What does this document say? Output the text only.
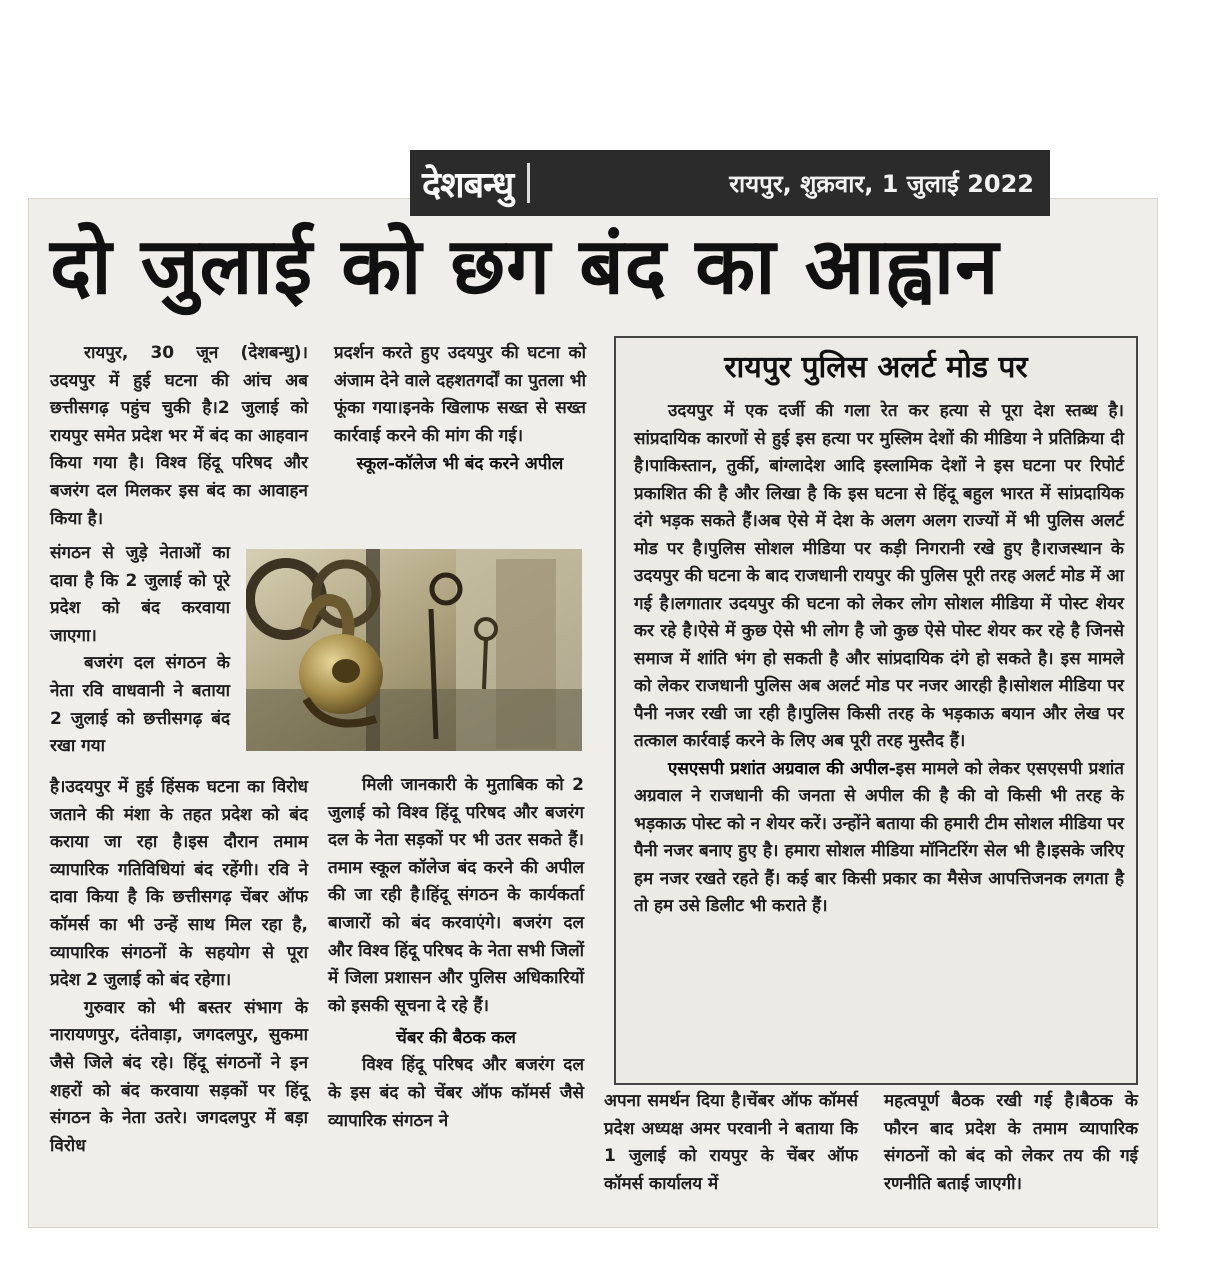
देशबन्धु	रायपुर, शुक्रवार, 1 जुलाई 2022
दो जुलाई को छग बंद का आह्वान

रायपुर, 30 जून (देशबन्धु)। उदयपुर में हुई घटना की आंच अब छत्तीसगढ़ पहुंच चुकी है।2 जुलाई को रायपुर समेत प्रदेश भर में बंद का आहवान किया गया है। विश्व हिंदू परिषद और बजरंग दल मिलकर इस बंद का आवाहन किया है।

संगठन से जुड़े नेताओं का दावा है कि 2 जुलाई को पूरे प्रदेश को बंद करवाया जाएगा।

बजरंग दल संगठन के नेता रवि वाधवानी ने बताया 2 जुलाई को छत्तीसगढ़ बंद रखा गया

है।उदयपुर में हुई हिंसक घटना का विरोध जताने की मंशा के तहत प्रदेश को बंद कराया जा रहा है।इस दौरान तमाम व्यापारिक गतिविधियां बंद रहेंगी। रवि ने दावा किया है कि छत्तीसगढ़ चेंबर ऑफ कॉमर्स का भी उन्हें साथ मिल रहा है, व्यापारिक संगठनों के सहयोग से पूरा प्रदेश 2 जुलाई को बंद रहेगा।

गुरुवार को भी बस्तर संभाग के नारायणपुर, दंतेवाड़ा, जगदलपुर, सुकमा जैसे जिले बंद रहे। हिंदू संगठनों ने इन शहरों को बंद करवाया सड़कों पर हिंदू संगठन के नेता उतरे। जगदलपुर में बड़ा विरोध

प्रदर्शन करते हुए उदयपुर की घटना को अंजाम देने वाले दहशतगर्दों का पुतला भी फूंका गया।इनके खिलाफ सख्त से सख्त कार्रवाई करने की मांग की गई।

स्कूल-कॉलेज भी बंद करने अपील

मिली जानकारी के मुताबिक को 2 जुलाई को विश्व हिंदू परिषद और बजरंग दल के नेता सड़कों पर भी उतर सकते हैं। तमाम स्कूल कॉलेज बंद करने की अपील की जा रही है।हिंदू संगठन के कार्यकर्ता बाजारों को बंद करवाएंगे। बजरंग दल और विश्व हिंदू परिषद के नेता सभी जिलों में जिला प्रशासन और पुलिस अधिकारियों को इसकी सूचना दे रहे हैं।

चेंबर की बैठक कल

विश्व हिंदू परिषद और बजरंग दल के इस बंद को चेंबर ऑफ कॉमर्स जैसे व्यापारिक संगठन ने

रायपुर पुलिस अलर्ट मोड पर

उदयपुर में एक दर्जी की गला रेत कर हत्या से पूरा देश स्तब्ध है। सांप्रदायिक कारणों से हुई इस हत्या पर मुस्लिम देशों की मीडिया ने प्रतिक्रिया दी है।पाकिस्तान, तुर्की, बांग्लादेश आदि इस्लामिक देशों ने इस घटना पर रिपोर्ट प्रकाशित की है और लिखा है कि इस घटना से हिंदू बहुल भारत में सांप्रदायिक दंगे भड़क सकते हैं।अब ऐसे में देश के अलग अलग राज्यों में भी पुलिस अलर्ट मोड पर है।पुलिस सोशल मीडिया पर कड़ी निगरानी रखे हुए है।राजस्थान के उदयपुर की घटना के बाद राजधानी रायपुर की पुलिस पूरी तरह अलर्ट मोड में आ गई है।लगातार उदयपुर की घटना को लेकर लोग सोशल मीडिया में पोस्ट शेयर कर रहे है।ऐसे में कुछ ऐसे भी लोग है जो कुछ ऐसे पोस्ट शेयर कर रहे है जिनसे समाज में शांति भंग हो सकती है और सांप्रदायिक दंगे हो सकते है। इस मामले को लेकर राजधानी पुलिस अब अलर्ट मोड पर नजर आरही है।सोशल मीडिया पर पैनी नजर रखी जा रही है।पुलिस किसी तरह के भड़काऊ बयान और लेख पर तत्काल कार्रवाई करने के लिए अब पूरी तरह मुस्तैद हैं।

एसएसपी प्रशांत अग्रवाल की अपील-इस मामले को लेकर एसएसपी प्रशांत अग्रवाल ने राजधानी की जनता से अपील की है की वो किसी भी तरह के भड़काऊ पोस्ट को न शेयर करें। उन्होंने बताया की हमारी टीम सोशल मीडिया पर पैनी नजर बनाए हुए है। हमारा सोशल मीडिया मॉनिटरिंग सेल भी है।इसके जरिए हम नजर रखते रहते हैं। कई बार किसी प्रकार का मैसेज आपत्तिजनक लगता है तो हम उसे डिलीट भी कराते हैं।

अपना समर्थन दिया है।चेंबर ऑफ कॉमर्स प्रदेश अध्यक्ष अमर परवानी ने बताया कि 1 जुलाई को रायपुर के चेंबर ऑफ कॉमर्स कार्यालय में
महत्वपूर्ण बैठक रखी गई है।बैठक के फौरन बाद प्रदेश के तमाम व्यापारिक संगठनों को बंद को लेकर तय की गई रणनीति बताई जाएगी।
